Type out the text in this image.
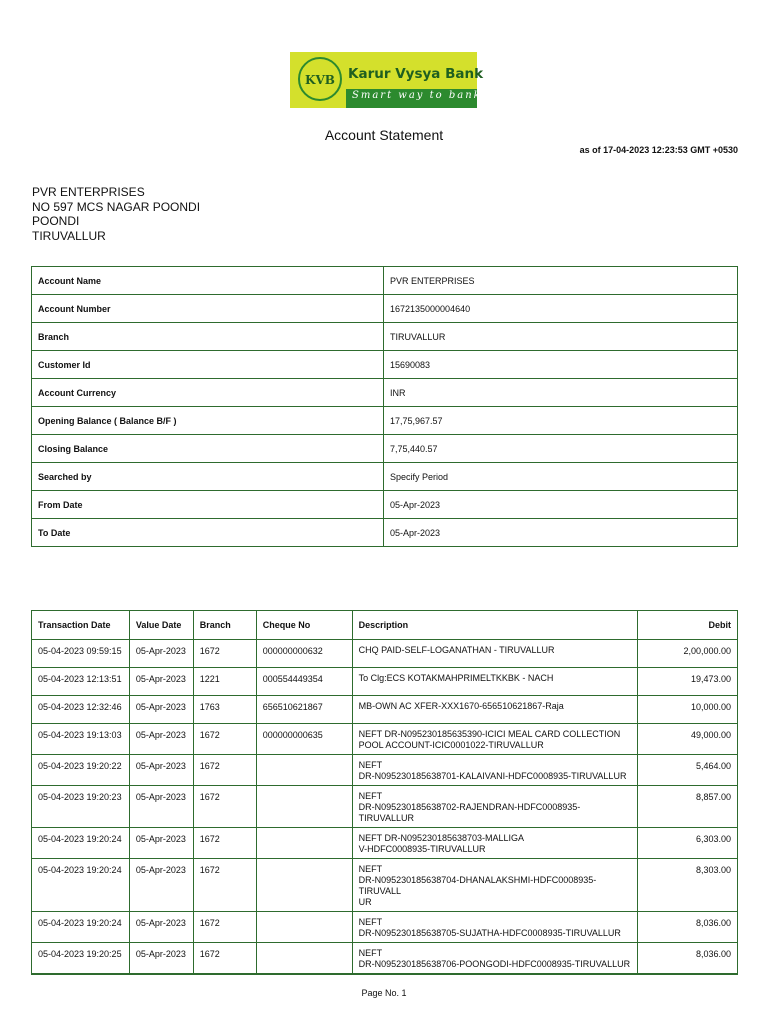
KVB Karur Vysya Bank
Smart way to bank
Account Statement
as of 17-04-2023 12:23:53 GMT +0530
PVR ENTERPRISES
NO 597 MCS NAGAR POONDI
POONDI
TIRUVALLUR
Account Name	PVR ENTERPRISES
Account Number	1672135000004640
Branch	TIRUVALLUR
Customer Id	15690083
Account Currency	INR
Opening Balance ( Balance B/F )	17,75,967.57
Closing Balance	7,75,440.57
Searched by	Specify Period
From Date	05-Apr-2023
To Date	05-Apr-2023
Transaction Date	Value Date	Branch	Cheque No	Description	Debit
05-04-2023 09:59:15	05-Apr-2023	1672	000000000632	CHQ PAID-SELF-LOGANATHAN - TIRUVALLUR	2,00,000.00
05-04-2023 12:13:51	05-Apr-2023	1221	000554449354	To Clg:ECS KOTAKMAHPRIMELTKKBK - NACH	19,473.00
05-04-2023 12:32:46	05-Apr-2023	1763	656510621867	MB-OWN AC XFER-XXX1670-656510621867-Raja	10,000.00
05-04-2023 19:13:03	05-Apr-2023	1672	000000000635	NEFT DR-N095230185635390-ICICI MEAL CARD COLLECTION
POOL ACCOUNT-ICIC0001022-TIRUVALLUR	49,000.00
05-04-2023 19:20:22	05-Apr-2023	1672		NEFT
DR-N095230185638701-KALAIVANI-HDFC0008935-TIRUVALLUR	5,464.00
05-04-2023 19:20:23	05-Apr-2023	1672		NEFT
DR-N095230185638702-RAJENDRAN-HDFC0008935-TIRUVALLUR	8,857.00
05-04-2023 19:20:24	05-Apr-2023	1672		NEFT DR-N095230185638703-MALLIGA
V-HDFC0008935-TIRUVALLUR	6,303.00
05-04-2023 19:20:24	05-Apr-2023	1672		NEFT
DR-N095230185638704-DHANALAKSHMI-HDFC0008935-TIRUVALL
UR	8,303.00
05-04-2023 19:20:24	05-Apr-2023	1672		NEFT
DR-N095230185638705-SUJATHA-HDFC0008935-TIRUVALLUR	8,036.00
05-04-2023 19:20:25	05-Apr-2023	1672		NEFT
DR-N095230185638706-POONGODI-HDFC0008935-TIRUVALLUR	8,036.00
Page No. 1
